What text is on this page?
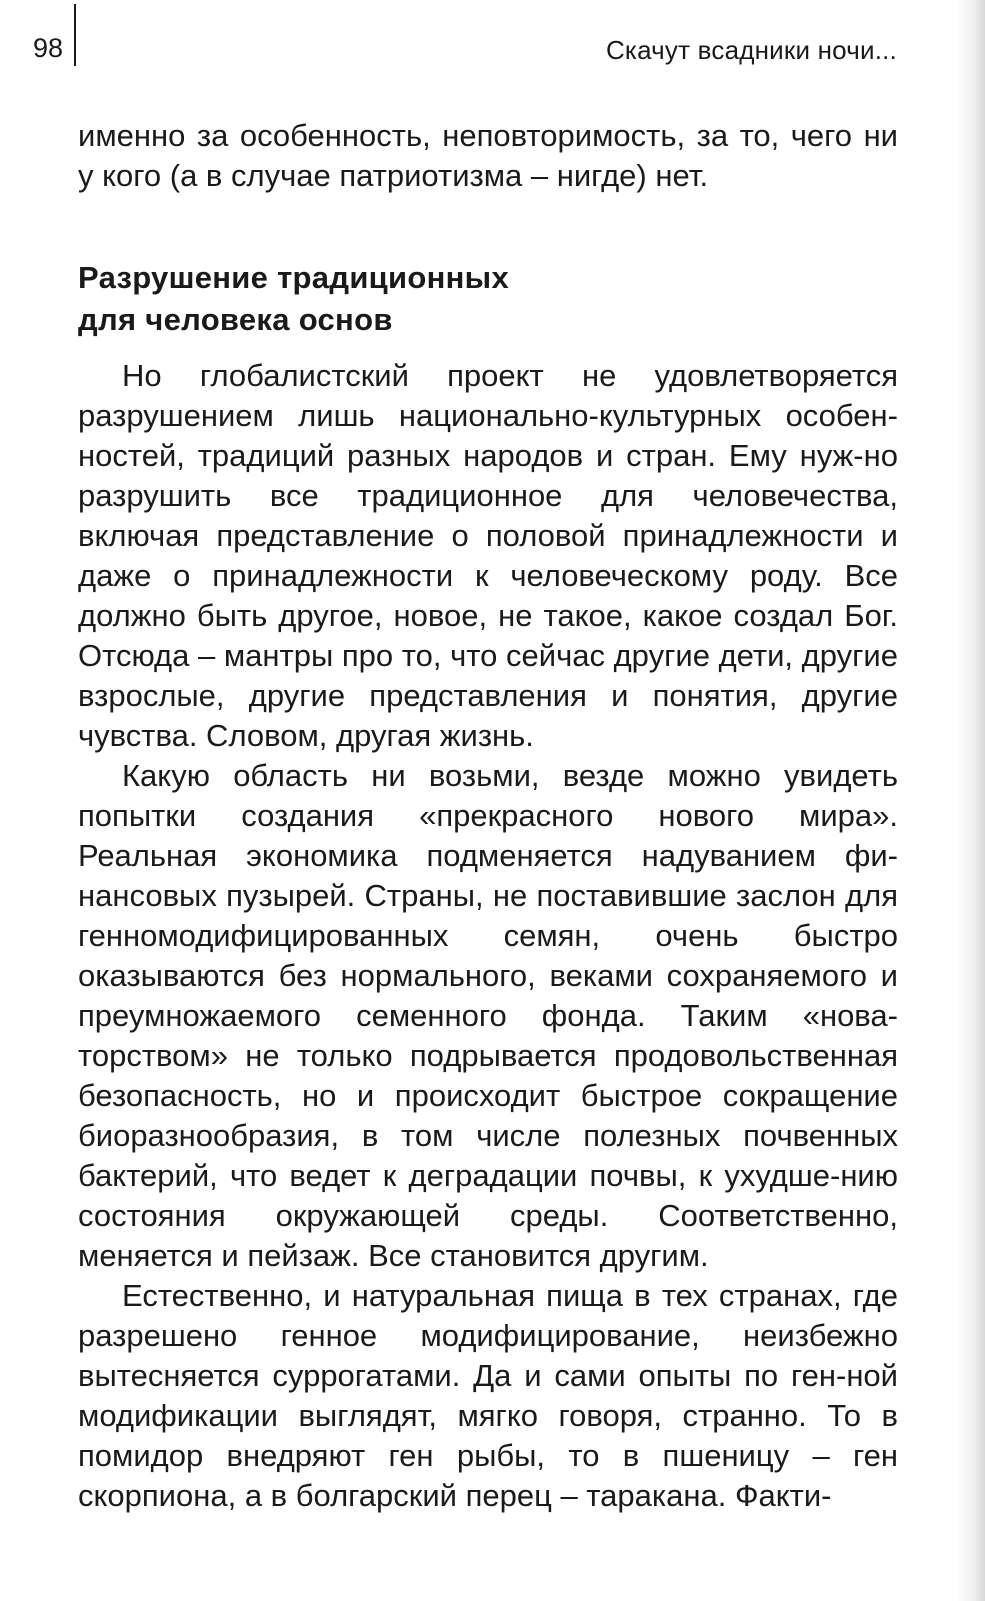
98	Скачут всадники ночи...

именно за особенность, неповторимость, за то, чего ни у кого (а в случае патриотизма – нигде) нет.

Разрушение традиционных
для человека основ

Но глобалистский проект не удовлетворяется разрушением лишь национально-культурных особен-ностей, традиций разных народов и стран. Ему нуж-но разрушить все традиционное для человечества, включая представление о половой принадлежности и даже о принадлежности к человеческому роду. Все должно быть другое, новое, не такое, какое создал Бог. Отсюда – мантры про то, что сейчас другие дети, другие взрослые, другие представления и понятия, другие чувства. Словом, другая жизнь.

Какую область ни возьми, везде можно увидеть попытки создания «прекрасного нового мира». Реальная экономика подменяется надуванием фи-нансовых пузырей. Страны, не поставившие заслон для генномодифицированных семян, очень быстро оказываются без нормального, веками сохраняемого и преумножаемого семенного фонда. Таким «нова-торством» не только подрывается продовольственная безопасность, но и происходит быстрое сокращение биоразнообразия, в том числе полезных почвенных бактерий, что ведет к деградации почвы, к ухудше-нию состояния окружающей среды. Соответственно, меняется и пейзаж. Все становится другим.

Естественно, и натуральная пища в тех странах, где разрешено генное модифицирование, неизбежно вытесняется суррогатами. Да и сами опыты по ген-ной модификации выглядят, мягко говоря, странно. То в помидор внедряют ген рыбы, то в пшеницу – ген скорпиона, а в болгарский перец – таракана. Факти-
